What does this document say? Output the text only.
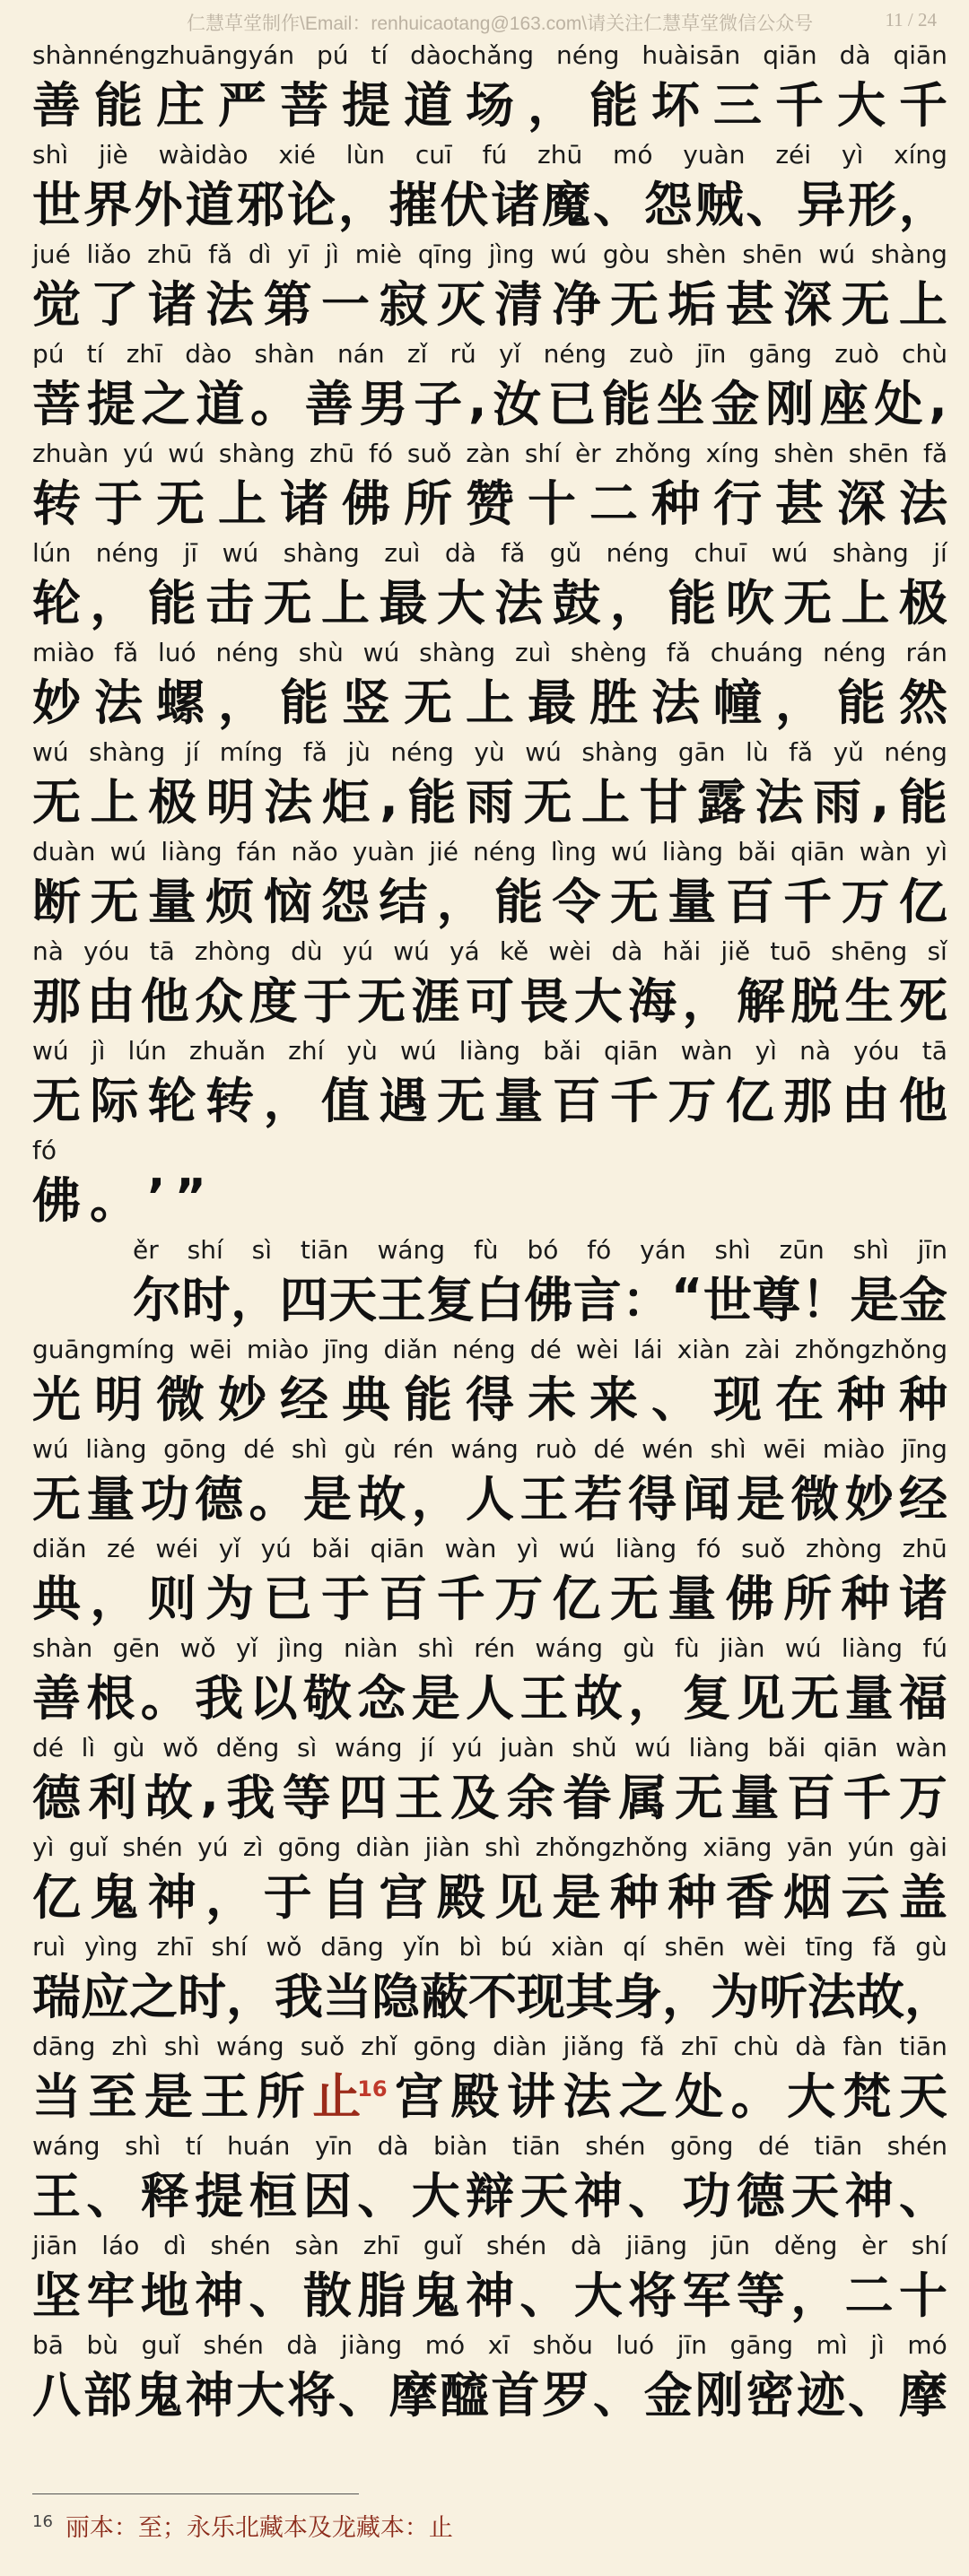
仁慧草堂制作\Email：renhuicaotang@163.com\请关注仁慧草堂微信公众号	11 / 24
shànnéngzhuāngyán pú tí dàochǎng néng huàisān qiān dà qiān
善 能 庄 严 菩 提 道 场 ， 能 坏 三 千 大 千
shì jiè wàidào xié lùn cuī fú zhū mó yuàn zéi yì xíng
世 界 外 道 邪 论 ， 摧 伏 诸 魔 、 怨 贼 、 异 形 ，
jué liǎo zhū fǎ dì yī jì miè qīng jìng wú gòu shèn shēn wú shàng
觉 了 诸 法 第 一 寂 灭 清 净 无 垢 甚 深 无 上
pú tí zhī dào shàn nán zǐ rǔ yǐ néng zuò jīn gāng zuò chù
菩 提 之 道 。 善 男 子 , 汝 已 能 坐 金 刚 座 处 ,
zhuàn yú wú shàng zhū fó suǒ zàn shí èr zhǒng xíng shèn shēn fǎ
转 于 无 上 诸 佛 所 赞 十 二 种 行 甚 深 法
lún néng jī wú shàng zuì dà fǎ gǔ néng chuī wú shàng jí
轮 ， 能 击 无 上 最 大 法 鼓 ， 能 吹 无 上 极
miào fǎ luó néng shù wú shàng zuì shèng fǎ chuáng néng rán
妙 法 螺 ， 能 竖 无 上 最 胜 法 幢 ， 能 然
wú shàng jí míng fǎ jù néng yù wú shàng gān lù fǎ yǔ néng
无 上 极 明 法 炬 , 能 雨 无 上 甘 露 法 雨 , 能
duàn wú liàng fán nǎo yuàn jié néng lìng wú liàng bǎi qiān wàn yì
断 无 量 烦 恼 怨 结 ， 能 令 无 量 百 千 万 亿
nà yóu tā zhòng dù yú wú yá kě wèi dà hǎi jiě tuō shēng sǐ
那 由 他 众 度 于 无 涯 可 畏 大 海 ， 解 脱 生 死
wú jì lún zhuǎn zhí yù wú liàng bǎi qiān wàn yì nà yóu tā
无 际 轮 转 ， 值 遇 无 量 百 千 万 亿 那 由 他
fó
佛 。 ’ ”
ěr shí sì tiān wáng fù bó fó yán shì zūn shì jīn
尔 时 ， 四 天 王 复 白 佛 言 ： “ 世 尊 ！ 是 金
guāngmíng wēi miào jīng diǎn néng dé wèi lái xiàn zài zhǒngzhǒng
光 明 微 妙 经 典 能 得 未 来 、 现 在 种 种
wú liàng gōng dé shì gù rén wáng ruò dé wén shì wēi miào jīng
无 量 功 德 。 是 故 ， 人 王 若 得 闻 是 微 妙 经
diǎn zé wéi yǐ yú bǎi qiān wàn yì wú liàng fó suǒ zhòng zhū
典 ， 则 为 已 于 百 千 万 亿 无 量 佛 所 种 诸
shàn gēn wǒ yǐ jìng niàn shì rén wáng gù fù jiàn wú liàng fú
善 根 。 我 以 敬 念 是 人 王 故 ， 复 见 无 量 福
dé lì gù wǒ děng sì wáng jí yú juàn shǔ wú liàng bǎi qiān wàn
德 利 故 , 我 等 四 王 及 余 眷 属 无 量 百 千 万
yì guǐ shén yú zì gōng diàn jiàn shì zhǒngzhǒng xiāng yān yún gài
亿 鬼 神 ， 于 自 宫 殿 见 是 种 种 香 烟 云 盖
ruì yìng zhī shí wǒ dāng yǐn bì bú xiàn qí shēn wèi tīng fǎ gù
瑞 应 之 时 ， 我 当 隐 蔽 不 现 其 身 ， 为 听 法 故 ，
dāng zhì shì wáng suǒ zhǐ gōng diàn jiǎng fǎ zhī chù dà fàn tiān
当 至 是 王 所 止$^{16}$ 宫 殿 讲 法 之 处 。 大 梵 天
wáng shì tí huán yīn dà biàn tiān shén gōng dé tiān shén
王 、 释 提 桓 因 、 大 辩 天 神 、 功 德 天 神 、
jiān láo dì shén sàn zhī guǐ shén dà jiāng jūn děng èr shí
坚 牢 地 神 、 散 脂 鬼 神 、 大 将 军 等 ， 二 十
bā bù guǐ shén dà jiàng mó xī shǒu luó jīn gāng mì jì mó
八 部 鬼 神 大 将 、 摩 醯 首 罗 、 金 刚 密 迹 、 摩
$^{16}$ 丽本：至；永乐北藏本及龙藏本：止
